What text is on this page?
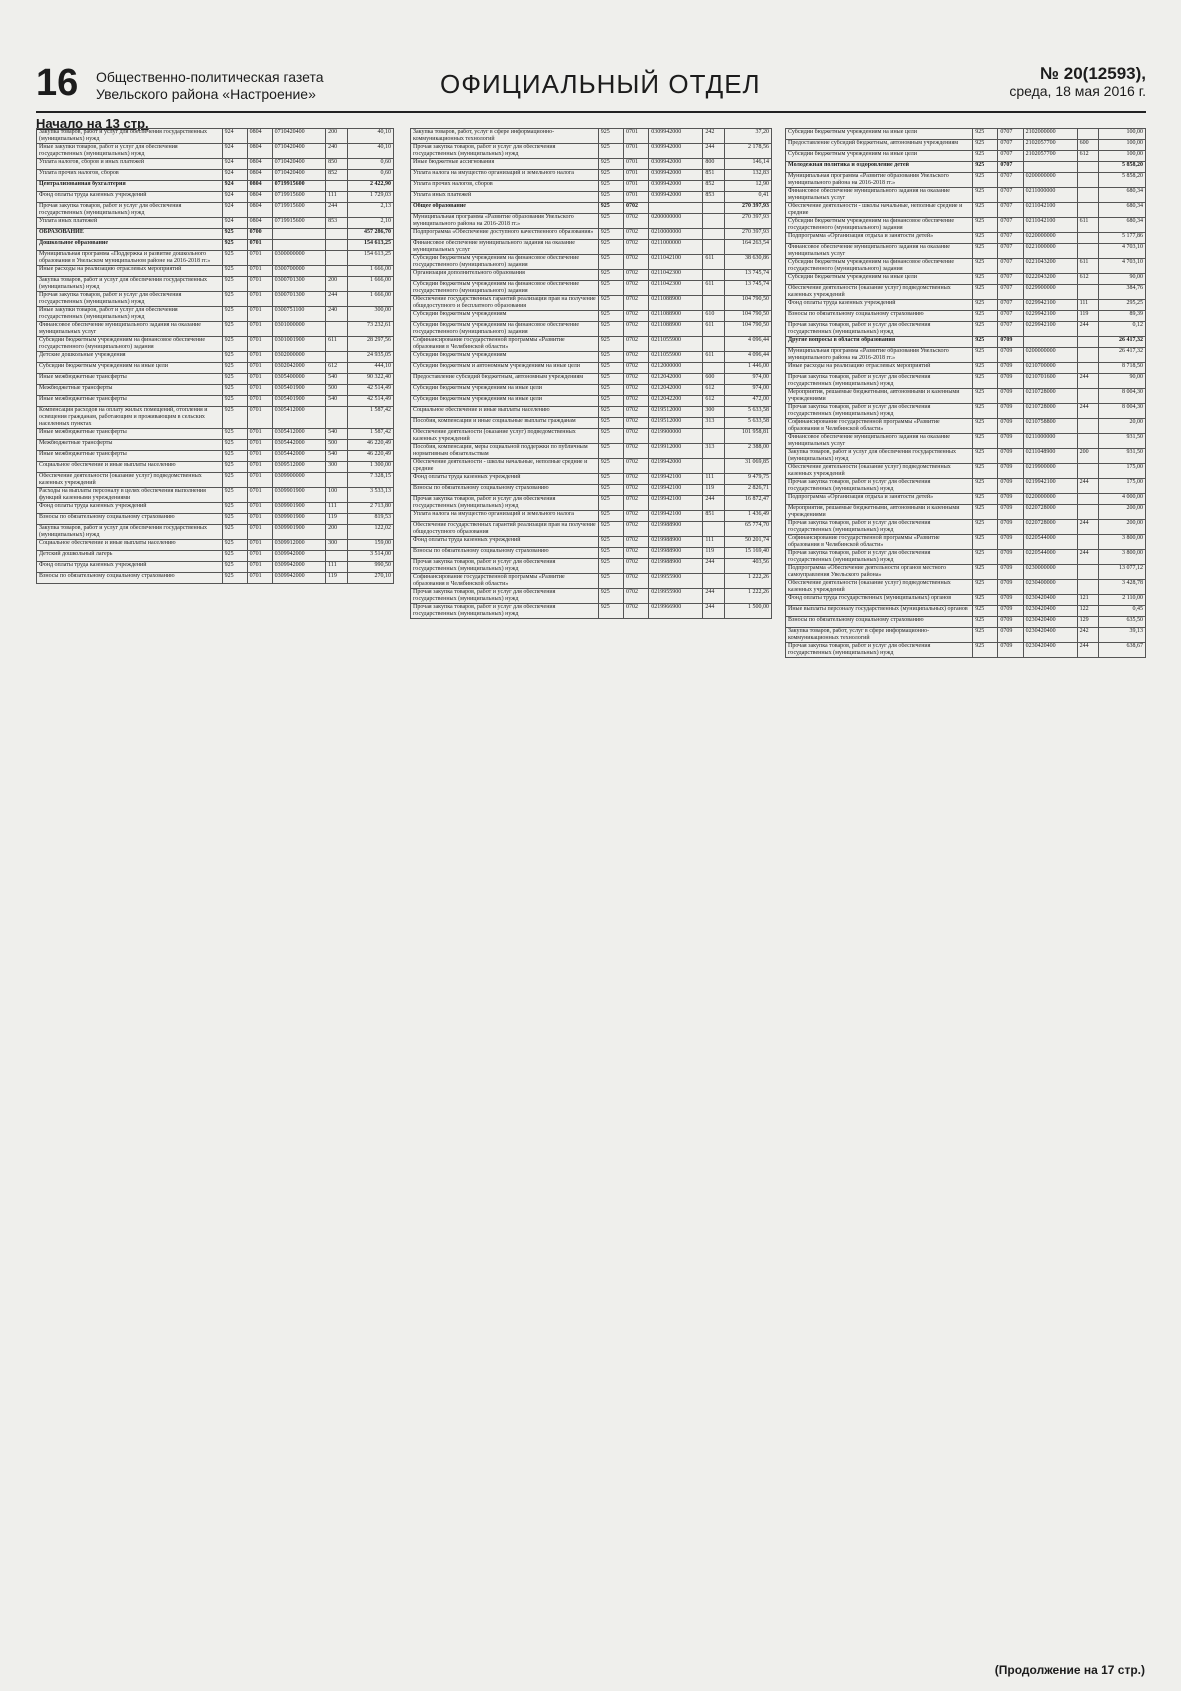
16 Общественно-политическая газета
Увельского района «Настроение»	ОФИЦИАЛЬНЫЙ ОТДЕЛ	№ 20(12593),
среда, 18 мая 2016 г.
Начало на 13 стр.
Закупка товаров, работ и услуг для обеспечения государственных (муниципальных) нужд	924	0804	0710420400	200	40,10
Иные закупки товаров, работ и услуг для обеспечения государственных (муниципальных) нужд	924	0804	0710420400	240	40,10
Уплата налогов, сборов и иных платежей	924	0804	0710420400	850	0,60
Уплата прочих налогов, сборов	924	0804	0710420400	852	0,60
Централизованная бухгалтерия	924	0804	0719915600		2 422,90
Фонд оплаты труда казенных учреждений	924	0804	0719915600	111	1 729,03
Прочая закупка товаров, работ и услуг для обеспечения государственных (муниципальных) нужд	924	0804	0719915600	244	2,13
Уплата иных платежей	924	0804	0719915600	853	2,10
ОБРАЗОВАНИЕ	925	0700			457 286,70
Дошкольное образование	925	0701			154 613,25
Муниципальная программа «Поддержка и развитие дошкольного образования в Увельском муниципальном районе на 2016-2018 гг.»	925	0701	0300000000		154 613,25
Иные расходы на реализацию отраслевых мероприятий	925	0701	0300700000		1 666,00
Закупка товаров, работ и услуг для обеспечения государственных (муниципальных) нужд	925	0701	0300701300	200	1 666,00
Прочая закупка товаров, работ и услуг для обеспечения государственных (муниципальных) нужд	925	0701	0300701300	244	1 666,00
Иные закупки товаров, работ и услуг для обеспечения государственных (муниципальных) нужд	925	0701	0300751100	240	300,00
Финансовое обеспечение муниципального задания на оказание муниципальных услуг	925	0701	0301000000		73 232,61
Субсидии бюджетным учреждениям на финансовое обеспечение государственного (муниципального) задания	925	0701	0301001900	611	28 297,56
Детские дошкольные учреждения	925	0701	0302000000		24 935,05
Субсидии бюджетным учреждениям на иные цели	925	0701	0302042000	612	444,10
Иные межбюджетные трансферты	925	0701	0305400000	540	90 322,40
Межбюджетные трансферты	925	0701	0305401900	500	42 514,49
Иные межбюджетные трансферты	925	0701	0305401900	540	42 514,49
Компенсация расходов на оплату жилых помещений, отопления и освещения гражданам, работающим и проживающим в сельских населенных пунктах	925	0701	0305412000		1 587,42
Иные межбюджетные трансферты	925	0701	0305412000	540	1 587,42
Межбюджетные трансферты	925	0701	0305442000	500	46 220,49
Иные межбюджетные трансферты	925	0701	0305442000	540	46 220,49
Социальное обеспечение и иные выплаты населению	925	0701	0309512000	300	1 300,00
Обеспечение деятельности (оказание услуг) подведомственных казенных учреждений	925	0701	0309900000		7 328,15
Расходы на выплаты персоналу в целях обеспечения выполнения функций казенными учреждениями	925	0701	0309901900	100	3 533,13
Фонд оплаты труда казенных учреждений	925	0701	0309901900	111	2 713,80
Взносы по обязательному социальному страхованию	925	0701	0309901900	119	819,53
Закупка товаров, работ и услуг для обеспечения государственных (муниципальных) нужд	925	0701	0309901900	200	122,02
Социальное обеспечение и иные выплаты населению	925	0701	0309912000	300	159,00
Детский дошкольный лагерь	925	0701	0309942000		3 514,00
Фонд оплаты труда казенных учреждений	925	0701	0309942000	111	990,50
Взносы по обязательному социальному страхованию	925	0701	0309942000	119	270,10
Закупка товаров, работ, услуг в сфере информационно-коммуникационных технологий	925	0701	0309942000	242	37,20
Прочая закупка товаров, работ и услуг для обеспечения государственных (муниципальных) нужд	925	0701	0309942000	244	2 178,56
Иные бюджетные ассигнования	925	0701	0309942000	800	146,14
Уплата налога на имущество организаций и земельного налога	925	0701	0309942000	851	132,83
Уплата прочих налогов, сборов	925	0701	0309942000	852	12,90
Уплата иных платежей	925	0701	0309942000	853	0,41
Общее образование	925	0702			270 397,93
Муниципальная программа «Развитие образования Увельского муниципального района на 2016-2018 гг.»	925	0702	0200000000		270 397,93
Подпрограмма «Обеспечение доступного качественного образования»	925	0702	0210000000		270 397,93
Финансовое обеспечение муниципального задания на оказание муниципальных услуг	925	0702	0211000000		164 263,54
Субсидии бюджетным учреждениям на финансовое обеспечение государственного (муниципального) задания	925	0702	0211042100	611	38 630,86
Организация дополнительного образования	925	0702	0211042300		13 745,74
Субсидии бюджетным учреждениям на финансовое обеспечение государственного (муниципального) задания	925	0702	0211042300	611	13 745,74
Обеспечение государственных гарантий реализации прав на получение общедоступного и бесплатного образования	925	0702	0211088900		104 790,50
Субсидии бюджетным учреждениям	925	0702	0211088900	610	104 790,50
Субсидии бюджетным учреждениям на финансовое обеспечение государственного (муниципального) задания	925	0702	0211088900	611	104 790,50
Софинансирование государственной программы «Развитие образования в Челябинской области»	925	0702	0211055900		4 096,44
Субсидии бюджетным учреждениям	925	0702	0211055900	611	4 096,44
Субсидии бюджетным и автономным учреждениям на иные цели	925	0702	0212000000		1 446,00
Предоставление субсидий бюджетным, автономным учреждениям	925	0702	0212042000	600	974,00
Субсидии бюджетным учреждениям на иные цели	925	0702	0212042000	612	974,00
Субсидии бюджетным учреждениям на иные цели	925	0702	0212042200	612	472,00
Социальное обеспечение и иные выплаты населению	925	0702	0219512000	300	5 633,58
Пособия, компенсации и иные социальные выплаты гражданам	925	0702	0219512000	313	5 633,58
Обеспечение деятельности (оказание услуг) подведомственных казенных учреждений	925	0702	0219900000		101 958,81
Пособия, компенсации, меры социальной поддержки по публичным нормативным обязательствам	925	0702	0219912000	313	2 388,00
Обеспечение деятельности - школы начальные, неполные средние и средние	925	0702	0219942000		31 069,85
Фонд оплаты труда казенных учреждений	925	0702	0219942100	111	9 479,75
Взносы по обязательному социальному страхованию	925	0702	0219942100	119	2 826,71
Прочая закупка товаров, работ и услуг для обеспечения государственных (муниципальных) нужд	925	0702	0219942100	244	16 872,47
Уплата налога на имущество организаций и земельного налога	925	0702	0219942100	851	1 436,49
Обеспечение государственных гарантий реализации прав на получение общедоступного образования	925	0702	0219988900		65 774,70
Фонд оплаты труда казенных учреждений	925	0702	0219988900	111	50 201,74
Взносы по обязательному социальному страхованию	925	0702	0219988900	119	15 169,40
Прочая закупка товаров, работ и услуг для обеспечения государственных (муниципальных) нужд	925	0702	0219988900	244	403,56
Софинансирование государственной программы «Развитие образования в Челябинской области»	925	0702	0219955900		1 222,26
Прочая закупка товаров, работ и услуг для обеспечения государственных (муниципальных) нужд	925	0702	0219955900	244	1 222,26
Прочая закупка товаров, работ и услуг для обеспечения государственных (муниципальных) нужд	925	0702	0219966900	244	1 500,00
Субсидии бюджетным учреждениям на иные цели	925	0707	2102000000		100,00
Предоставление субсидий бюджетным, автономным учреждениям	925	0707	2102057700	600	100,00
Субсидии бюджетным учреждениям на иные цели	925	0707	2102057700	612	100,00
Молодежная политика и оздоровление детей	925	0707			5 858,20
Муниципальная программа «Развитие образования Увельского муниципального района на 2016-2018 гг.»	925	0707	0200000000		5 858,20
Финансовое обеспечение муниципального задания на оказание муниципальных услуг	925	0707	0211000000		680,34
Обеспечение деятельности - школы начальные, неполные средние и средние	925	0707	0211042100		680,34
Субсидии бюджетным учреждениям на финансовое обеспечение государственного (муниципального) задания	925	0707	0211042100	611	680,34
Подпрограмма «Организация отдыха и занятости детей»	925	0707	0220000000		5 177,86
Финансовое обеспечение муниципального задания на оказание муниципальных услуг	925	0707	0221000000		4 703,10
Субсидии бюджетным учреждениям на финансовое обеспечение государственного (муниципального) задания	925	0707	0221043200	611	4 703,10
Субсидии бюджетным учреждениям на иные цели	925	0707	0222043200	612	90,00
Обеспечение деятельности (оказание услуг) подведомственных казенных учреждений	925	0707	0229900000		384,76
Фонд оплаты труда казенных учреждений	925	0707	0229942100	111	295,25
Взносы по обязательному социальному страхованию	925	0707	0229942100	119	89,39
Прочая закупка товаров, работ и услуг для обеспечения государственных (муниципальных) нужд	925	0707	0229942100	244	0,12
Другие вопросы в области образования	925	0709			26 417,32
Муниципальная программа «Развитие образования Увельского муниципального района на 2016-2018 гг.»	925	0709	0200000000		26 417,32
Иные расходы на реализацию отраслевых мероприятий	925	0709	0210700000		8 718,50
Прочая закупка товаров, работ и услуг для обеспечения государственных (муниципальных) нужд	925	0709	0210701600	244	90,00
Мероприятия, решаемые бюджетными, автономными и казенными учреждениями	925	0709	0210728000		8 004,30
Прочая закупка товаров, работ и услуг для обеспечения государственных (муниципальных) нужд	925	0709	0210728000	244	8 004,30
Софинансирование государственной программы «Развитие образования в Челябинской области»	925	0709	0210758800		20,00
Финансовое обеспечение муниципального задания на оказание муниципальных услуг	925	0709	0211000000		931,50
Закупка товаров, работ и услуг для обеспечения государственных (муниципальных) нужд	925	0709	0211048900	200	931,50
Обеспечение деятельности (оказание услуг) подведомственных казенных учреждений	925	0709	0219900000		175,00
Прочая закупка товаров, работ и услуг для обеспечения государственных (муниципальных) нужд	925	0709	0219942100	244	175,00
Подпрограмма «Организация отдыха и занятости детей»	925	0709	0220000000		4 000,00
Мероприятия, решаемые бюджетными, автономными и казенными учреждениями	925	0709	0220728000		200,00
Прочая закупка товаров, работ и услуг для обеспечения государственных (муниципальных) нужд	925	0709	0220728000	244	200,00
Софинансирование государственной программы «Развитие образования в Челябинской области»	925	0709	0220544000		3 800,00
Прочая закупка товаров, работ и услуг для обеспечения государственных (муниципальных) нужд	925	0709	0220544000	244	3 800,00
Подпрограмма «Обеспечение деятельности органов местного самоуправления Увельского района»	925	0709	0230000000		13 077,12
Обеспечение деятельности (оказание услуг) подведомственных казенных учреждений	925	0709	0230400000		3 428,78
Фонд оплаты труда государственных (муниципальных) органов	925	0709	0230420400	121	2 110,00
Иные выплаты персоналу государственных (муниципальных) органов	925	0709	0230420400	122	0,45
Взносы по обязательному социальному страхованию	925	0709	0230420400	129	635,50
Закупка товаров, работ, услуг в сфере информационно-коммуникационных технологий	925	0709	0230420400	242	39,13
Прочая закупка товаров, работ и услуг для обеспечения государственных (муниципальных) нужд	925	0709	0230420400	244	638,67
(Продолжение на 17 стр.)
